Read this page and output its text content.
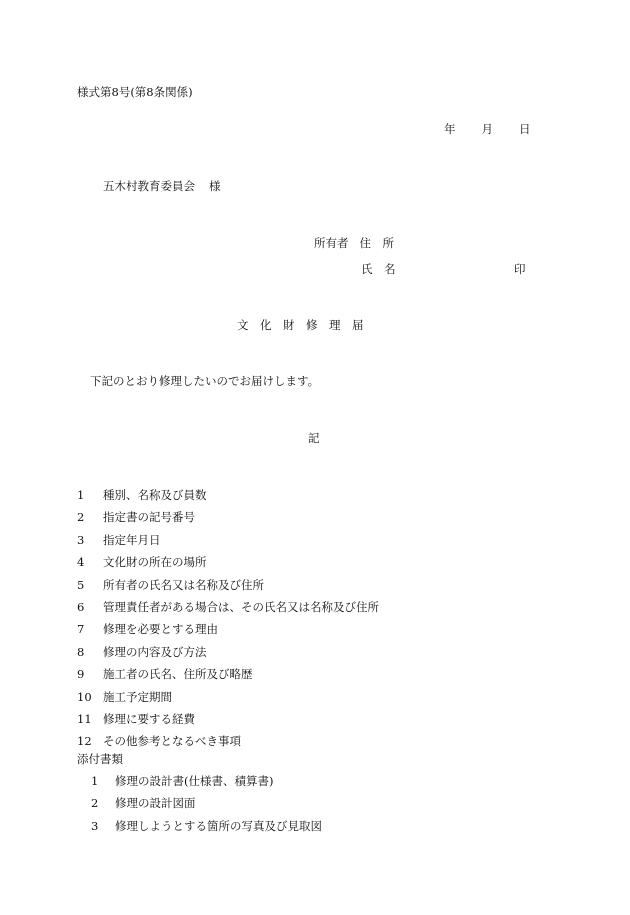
様式第8号(第8条関係)
年 月 日
五木村教育委員会 様
所有者 住　所
氏　名	印
文　化　財　修　理　届
下記のとおり修理したいのでお届けします。
記
1 種別、名称及び員数
2 指定書の記号番号
3 指定年月日
4 文化財の所在の場所
5 所有者の氏名又は名称及び住所
6 管理責任者がある場合は、その氏名又は名称及び住所
7 修理を必要とする理由
8 修理の内容及び方法
9 施工者の氏名、住所及び略歴
10 施工予定期間
11 修理に要する経費
12 その他参考となるべき事項
添付書類
1 修理の設計書(仕様書、積算書)
2 修理の設計図面
3 修理しようとする箇所の写真及び見取図
